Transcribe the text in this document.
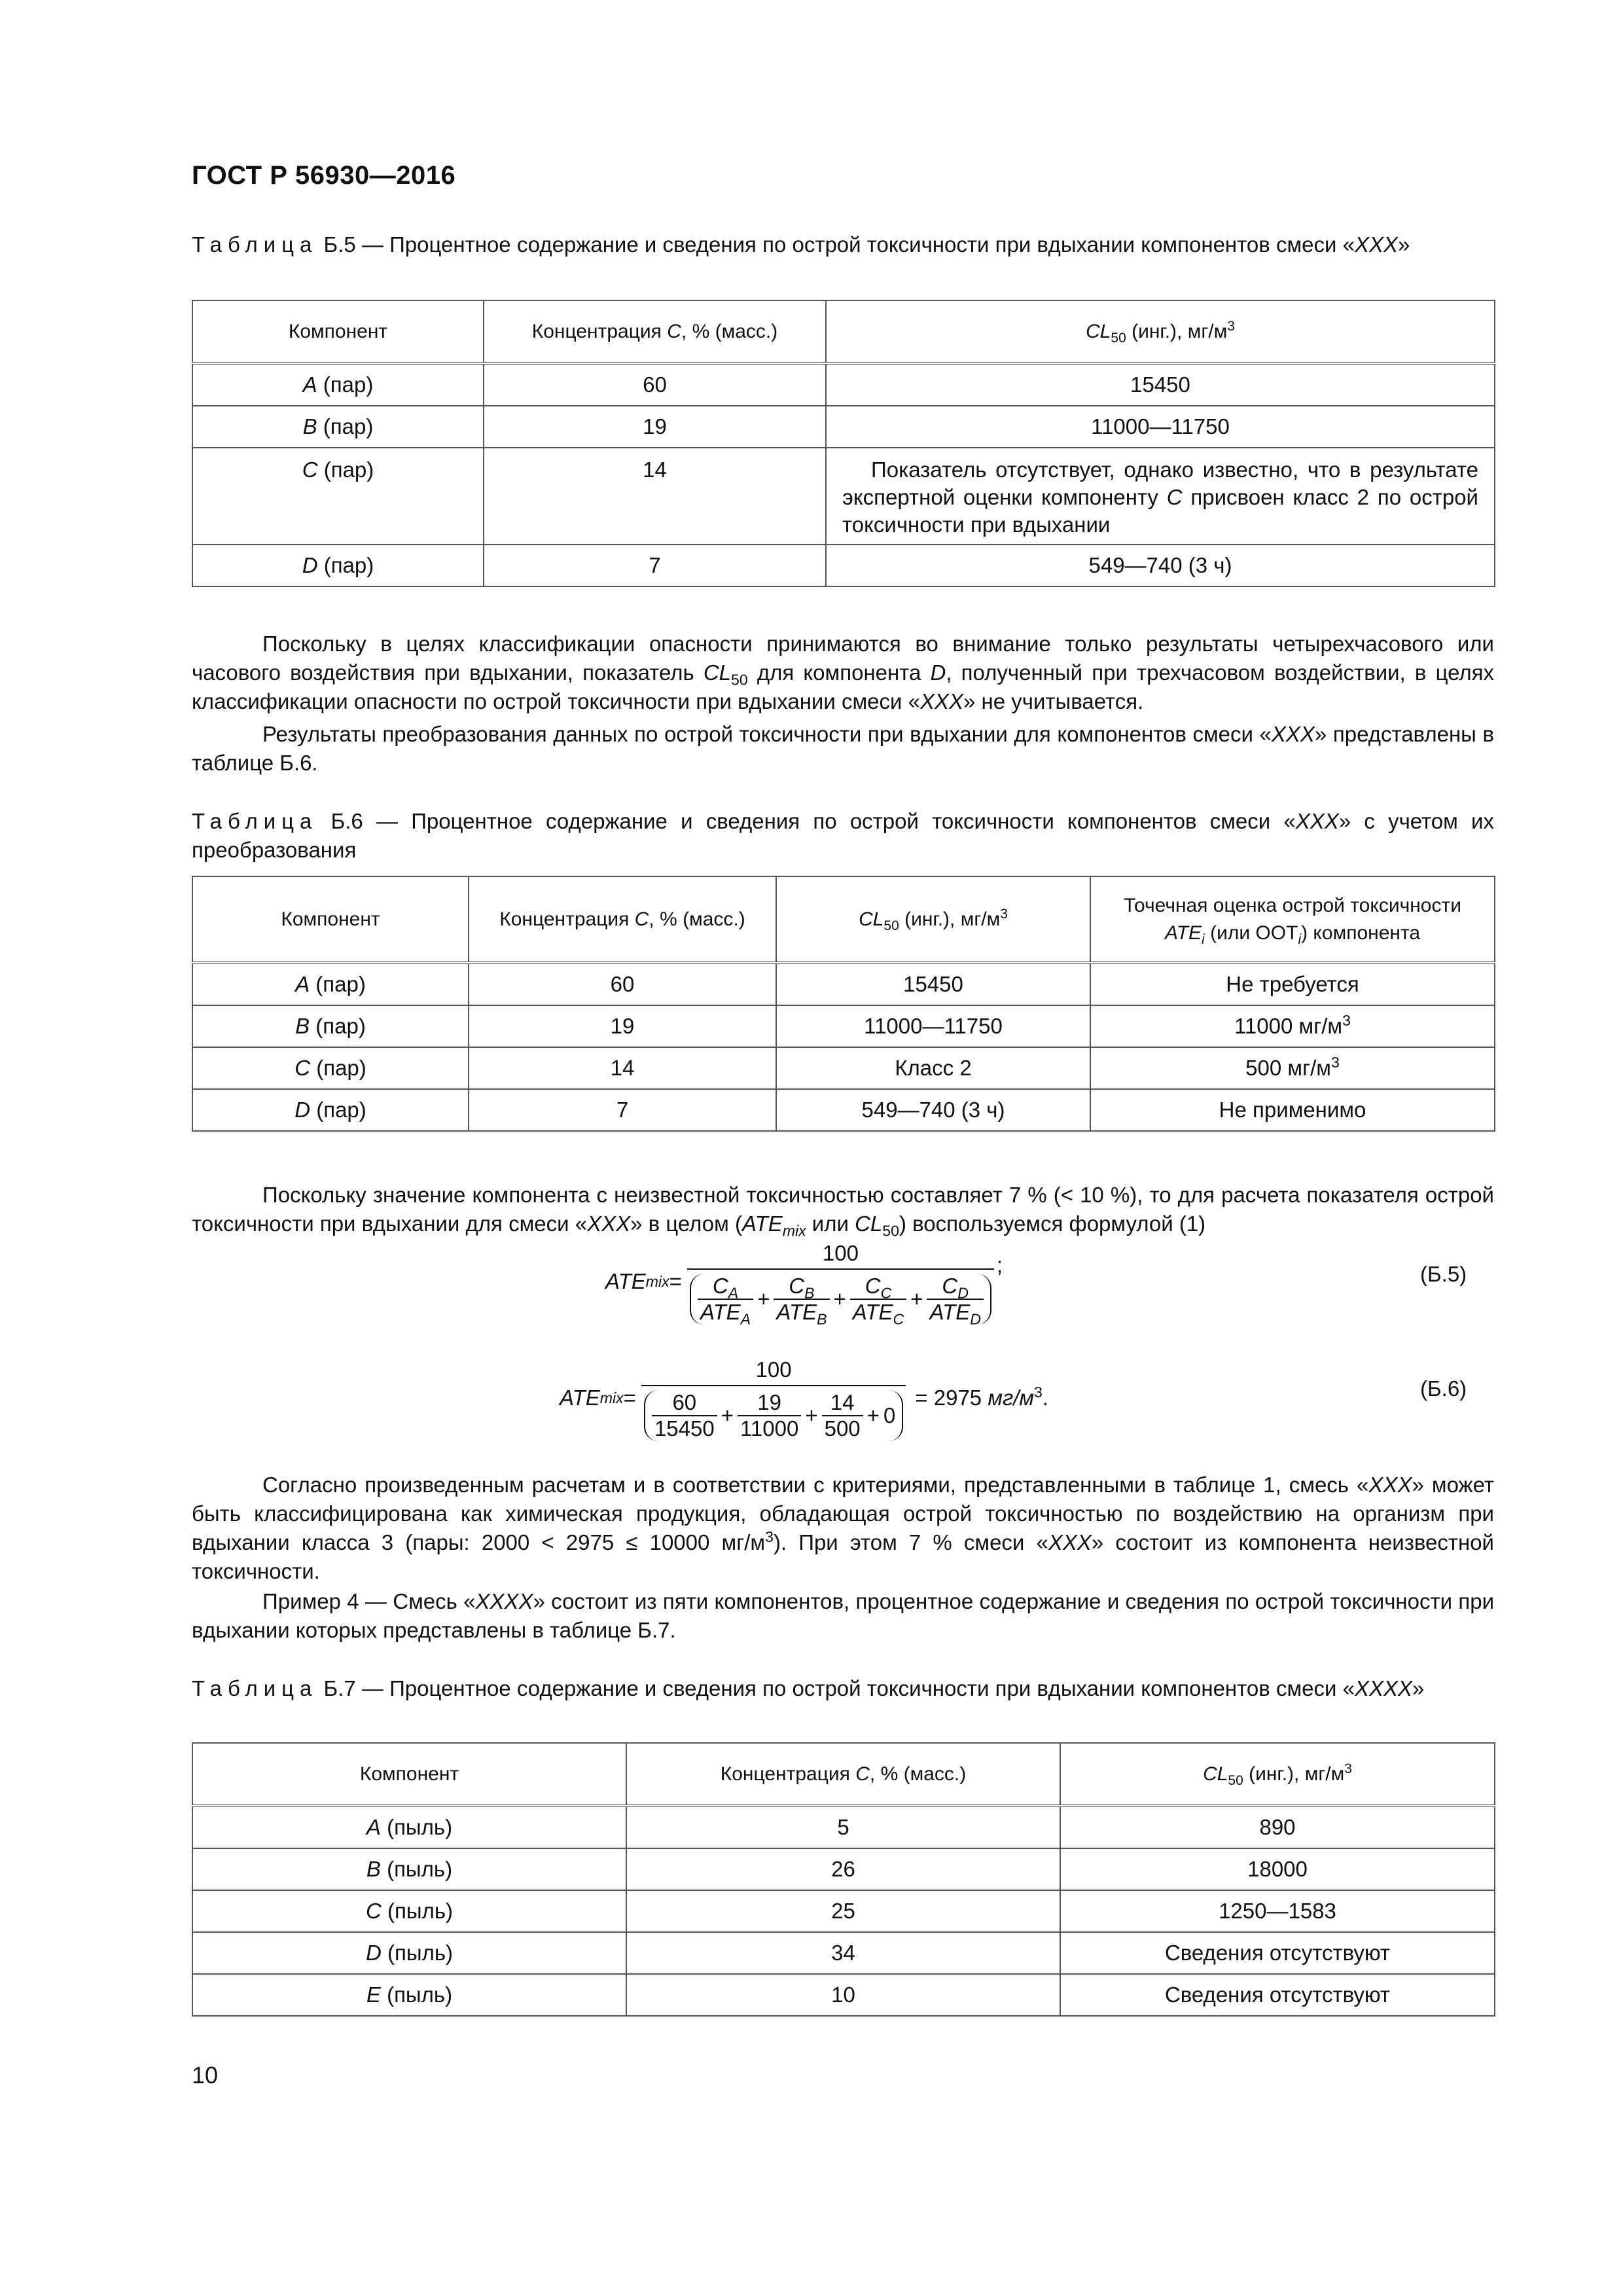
ГОСТ Р 56930—2016
Таблица Б.5 — Процентное содержание и сведения по острой токсичности при вдыхании компонентов смеси «ХХХ»
Компонент	Концентрация C, % (масс.)	$CL_{50}$ (инг.), $мг/м^3$
A (пар)	60	15450
B (пар)	19	11000—11750
C (пар)	14	Показатель отсутствует, однако известно, что в результате экспертной оценки компоненту C присвоен класс 2 по острой токсичности при вдыхании

D (пар)	7	549—740 (3 ч)
Поскольку в целях классификации опасности принимаются во внимание только результаты четырехчасового или часового воздействия при вдыхании, показатель $CL_{50}$ для компонента D, полученный при трехчасовом воздействии, в целях классификации опасности по острой токсичности при вдыхании смеси «ХХХ» не учитывается.
Результаты преобразования данных по острой токсичности при вдыхании для компонентов смеси «ХХХ» представлены в таблице Б.6.
Таблица Б.6 — Процентное содержание и сведения по острой токсичности компонентов смеси «ХХХ» с учетом их преобразования
Компонент	Концентрация C, % (масс.)	$CL_{50}$ (инг.), $мг/м^3$	Точечная оценка острой токсичности
$ATE_i$ (или $ООТ_i$) компонента
A (пар)	60	15450	Не требуется
B (пар)	19	11000—11750	11000 $мг/м^3$
C (пар)	14	Класс 2	500 $мг/м^3$
D (пар)	7	549—740 (3 ч)	Не применимо
Поскольку значение компонента с неизвестной токсичностью составляет 7 % (< 10 %), то для расчета показателя острой токсичности при вдыхании для смеси «ХХХ» в целом ($ATE_{mix}$ или $CL_{50}$) воспользуемся формулой (1)
ATE mix =
100
$\frac{C_A}{ATE_A} + \frac{C_B}{ATE_B} + \frac{C_C}{ATE_C} + \frac{C_D}{ATE_D}$
;	(Б.5)
ATE mix =
100
$\frac{60}{15450} + \frac{19}{11000} + \frac{14}{500} + 0$
= 2975 $мг/м^3$.	(Б.6)
Согласно произведенным расчетам и в соответствии с критериями, представленными в таблице 1, смесь «ХХХ» может быть классифицирована как химическая продукция, обладающая острой токсичностью по воздействию на организм при вдыхании класса 3 (пары: 2000 < 2975 ≤ 10000 $мг/м^3$). При этом 7 % смеси «ХХХ» состоит из компонента неизвестной токсичности.
Пример 4 — Смесь «ХХХХ» состоит из пяти компонентов, процентное содержание и сведения по острой токсичности при вдыхании которых представлены в таблице Б.7.
Таблица Б.7 — Процентное содержание и сведения по острой токсичности при вдыхании компонентов смеси «ХХХХ»
Компонент	Концентрация C, % (масс.)	$CL_{50}$ (инг.), $мг/м^3$
A (пыль)	5	890
B (пыль)	26	18000
C (пыль)	25	1250—1583
D (пыль)	34	Сведения отсутствуют
E (пыль)	10	Сведения отсутствуют
10
